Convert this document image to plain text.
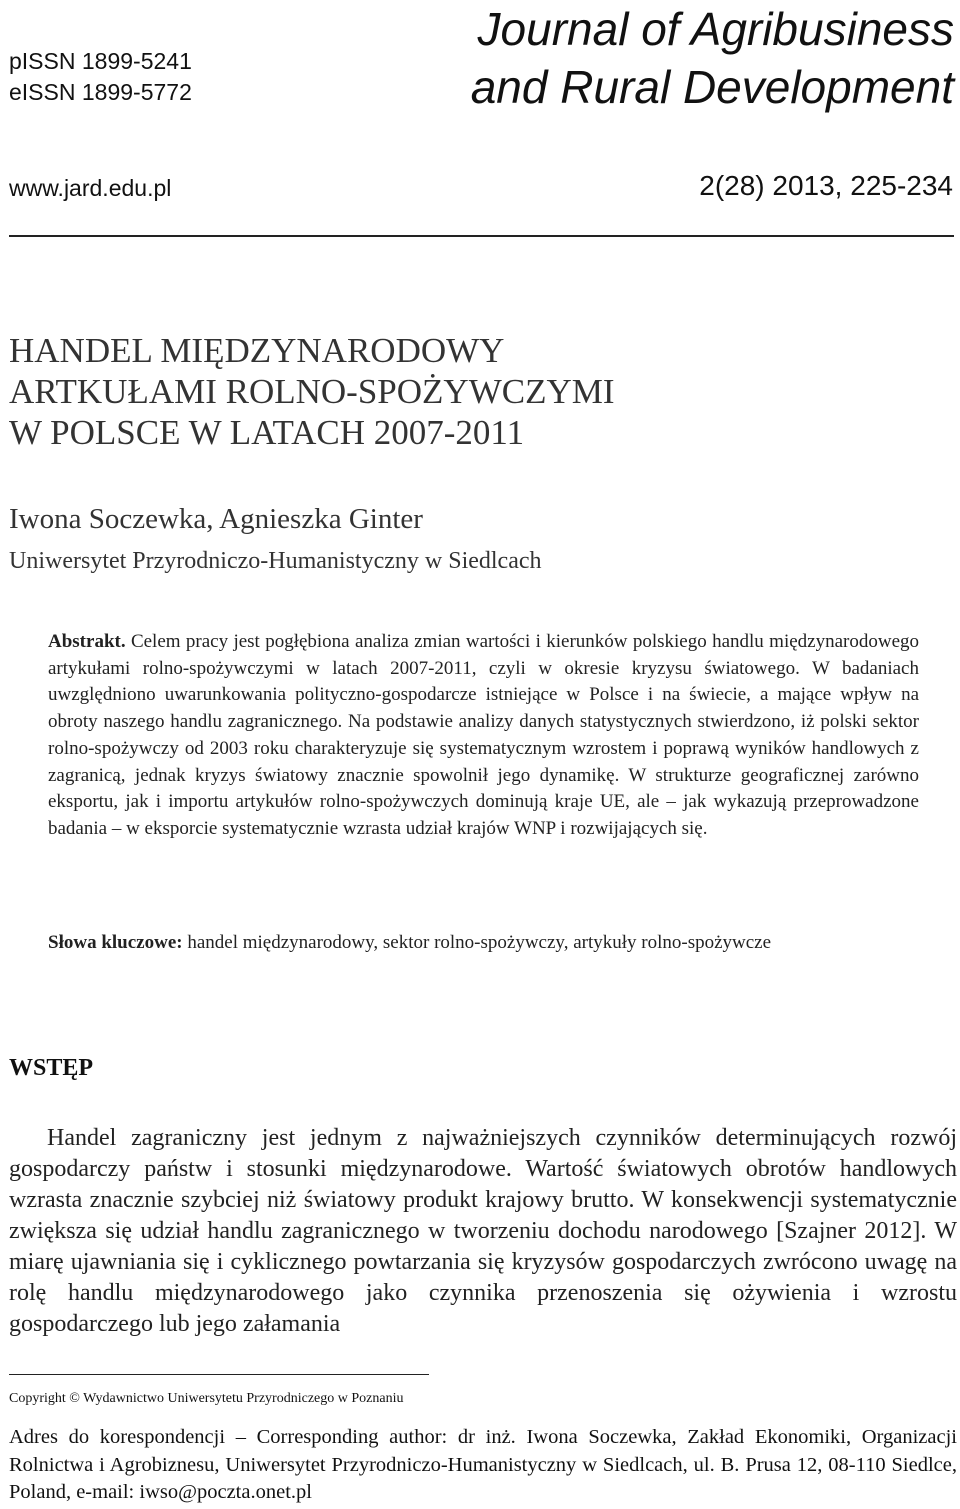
pISSN 1899-5241
eISSN 1899-5772
Journal of Agribusiness
and Rural Development
www.jard.edu.pl	2(28) 2013, 225-234
HANDEL MIĘDZYNARODOWY
ARTKUŁAMI ROLNO-SPOŻYWCZYMI
W POLSCE W LATACH 2007-2011
Iwona Soczewka, Agnieszka Ginter
Uniwersytet Przyrodniczo-Humanistyczny w Siedlcach
Abstrakt. Celem pracy jest pogłębiona analiza zmian wartości i kierunków polskiego handlu międzynarodowego artykułami rolno-spożywczymi w latach 2007-2011, czyli w okresie kryzysu światowego. W badaniach uwzględniono uwarunkowania polityczno-gospodarcze istniejące w Polsce i na świecie, a mające wpływ na obroty naszego handlu zagranicznego. Na podstawie analizy danych statystycznych stwierdzono, iż polski sektor rolno-spożywczy od 2003 roku charakteryzuje się systematycznym wzrostem i poprawą wyników handlowych z zagranicą, jednak kryzys światowy znacznie spowolnił jego dynamikę. W strukturze geograficznej zarówno eksportu, jak i importu artykułów rolno-spożywczych dominują kraje UE, ale – jak wykazują przeprowadzone badania – w eksporcie systematycznie wzrasta udział krajów WNP i rozwijających się.
Słowa kluczowe: handel międzynarodowy, sektor rolno-spożywczy, artykuły rolno-spożywcze
WSTĘP
Handel zagraniczny jest jednym z najważniejszych czynników determinujących rozwój gospodarczy państw i stosunki międzynarodowe. Wartość światowych obrotów handlowych wzrasta znacznie szybciej niż światowy produkt krajowy brutto. W konsekwencji systematycznie zwiększa się udział handlu zagranicznego w tworzeniu dochodu narodowego [Szajner 2012]. W miarę ujawniania się i cyklicznego powtarzania się kryzysów gospodarczych zwrócono uwagę na rolę handlu międzynarodowego jako czynnika przenoszenia się ożywienia i wzrostu gospodarczego lub jego załamania
Copyright © Wydawnictwo Uniwersytetu Przyrodniczego w Poznaniu
Adres do korespondencji – Corresponding author: dr inż. Iwona Soczewka, Zakład Ekonomiki, Organizacji Rolnictwa i Agrobiznesu, Uniwersytet Przyrodniczo-Humanistyczny w Siedlcach, ul. B. Prusa 12, 08-110 Siedlce, Poland, e-mail: iwso@poczta.onet.pl
